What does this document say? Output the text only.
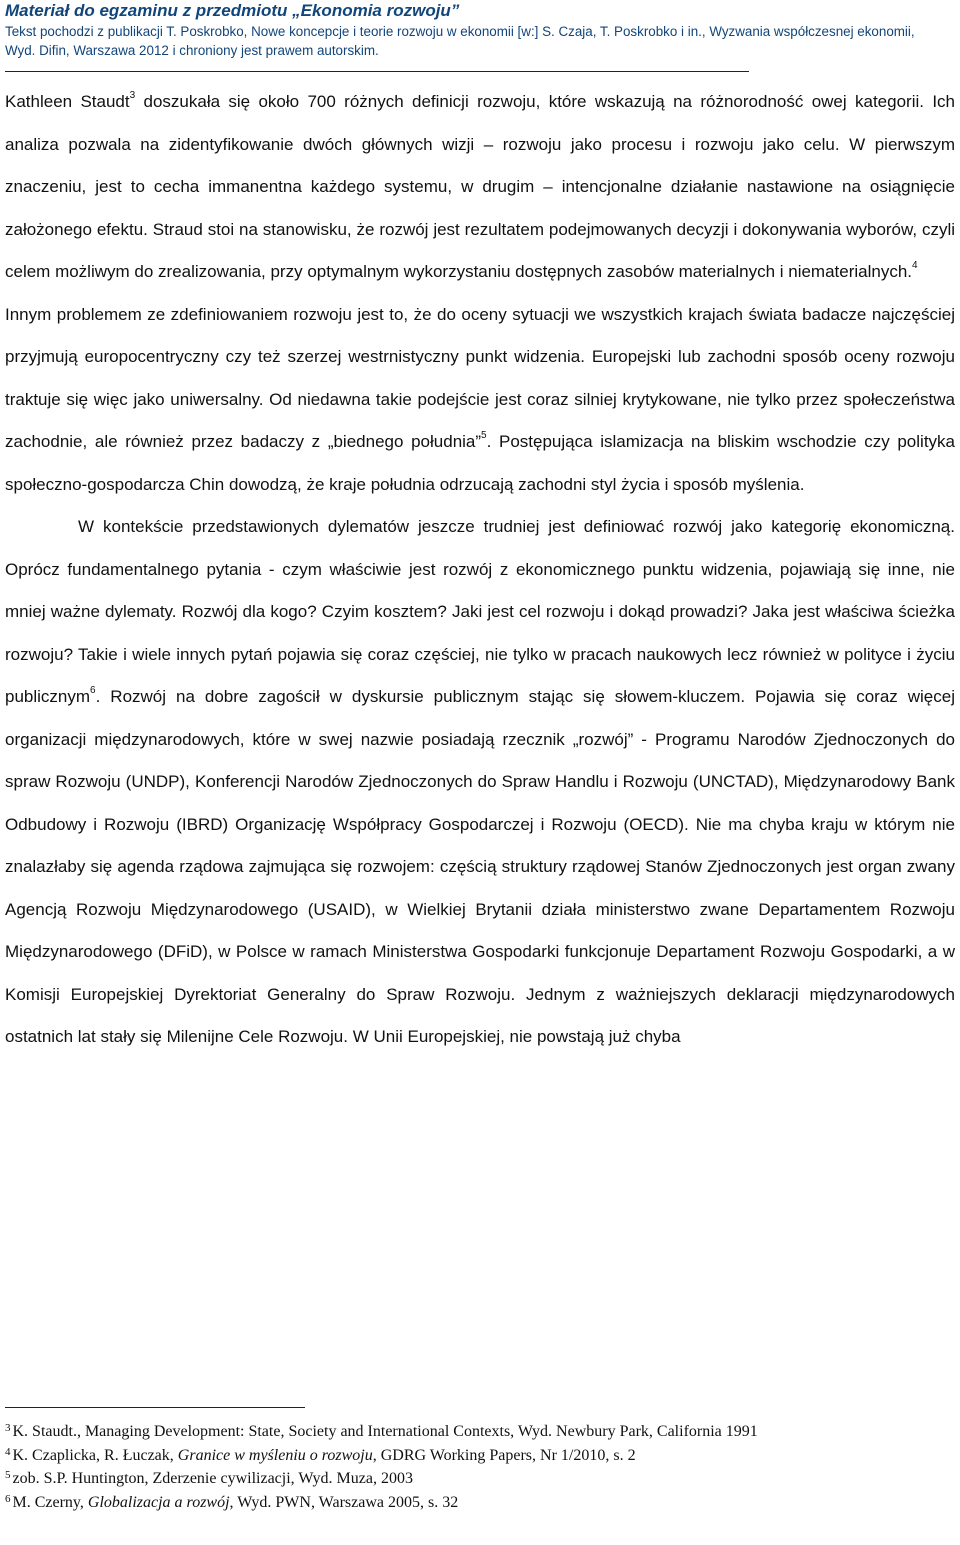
Materiał do egzaminu z przedmiotu „Ekonomia rozwoju”
Tekst pochodzi z publikacji T. Poskrobko, Nowe koncepcje i teorie rozwoju w ekonomii [w:] S. Czaja, T. Poskrobko i in., Wyzwania współczesnej ekonomii,
Wyd. Difin, Warszawa 2012 i chroniony jest prawem autorskim.

Kathleen Staudt$^3$ doszukała się około 700 różnych definicji rozwoju, które wskazują na różnorodność owej kategorii. Ich analiza pozwala na zidentyfikowanie dwóch głównych wizji – rozwoju jako procesu i rozwoju jako celu. W pierwszym znaczeniu, jest to cecha immanentna każdego systemu, w drugim – intencjonalne działanie nastawione na osiągnięcie założonego efektu. Straud stoi na stanowisku, że rozwój jest rezultatem podejmowanych decyzji i dokonywania wyborów, czyli celem możliwym do zrealizowania, przy optymalnym wykorzystaniu dostępnych zasobów materialnych i niematerialnych.$^4$

Innym problemem ze zdefiniowaniem rozwoju jest to, że do oceny sytuacji we wszystkich krajach świata badacze najczęściej przyjmują europocentryczny czy też szerzej westrnistyczny punkt widzenia. Europejski lub zachodni sposób oceny rozwoju traktuje się więc jako uniwersalny. Od niedawna takie podejście jest coraz silniej krytykowane, nie tylko przez społeczeństwa zachodnie, ale również przez badaczy z „biednego południa”$^5$. Postępująca islamizacja na bliskim wschodzie czy polityka społeczno-gospodarcza Chin dowodzą, że kraje południa odrzucają zachodni styl życia i sposób myślenia.

W kontekście przedstawionych dylematów jeszcze trudniej jest definiować rozwój jako kategorię ekonomiczną. Oprócz fundamentalnego pytania - czym właściwie jest rozwój z ekonomicznego punktu widzenia, pojawiają się inne, nie mniej ważne dylematy. Rozwój dla kogo? Czyim kosztem? Jaki jest cel rozwoju i dokąd prowadzi? Jaka jest właściwa ścieżka rozwoju? Takie i wiele innych pytań pojawia się coraz częściej, nie tylko w pracach naukowych lecz również w polityce i życiu publicznym$^6$. Rozwój na dobre zagościł w dyskursie publicznym stając się słowem-kluczem. Pojawia się coraz więcej organizacji międzynarodowych, które w swej nazwie posiadają rzecznik „rozwój” - Programu Narodów Zjednoczonych do spraw Rozwoju (UNDP), Konferencji Narodów Zjednoczonych do Spraw Handlu i Rozwoju (UNCTAD), Międzynarodowy Bank Odbudowy i Rozwoju (IBRD) Organizację Współpracy Gospodarczej i Rozwoju (OECD). Nie ma chyba kraju w którym nie znalazłaby się agenda rządowa zajmująca się rozwojem: częścią struktury rządowej Stanów Zjednoczonych jest organ zwany Agencją Rozwoju Międzynarodowego (USAID), w Wielkiej Brytanii działa ministerstwo zwane Departamentem Rozwoju Międzynarodowego (DFiD), w Polsce w ramach Ministerstwa Gospodarki funkcjonuje Departament Rozwoju Gospodarki, a w Komisji Europejskiej Dyrektoriat Generalny do Spraw Rozwoju. Jednym z ważniejszych deklaracji międzynarodowych ostatnich lat stały się Milenijne Cele Rozwoju. W Unii Europejskiej, nie powstają już chyba

$^3$ K. Staudt., Managing Development: State, Society and International Contexts, Wyd. Newbury Park, California 1991

$^4$ K. Czaplicka, R. Łuczak, Granice w myśleniu o rozwoju, GDRG Working Papers, Nr 1/2010, s. 2

$^5$ zob. S.P. Huntington, Zderzenie cywilizacji, Wyd. Muza, 2003

$^6$ M. Czerny, Globalizacja a rozwój, Wyd. PWN, Warszawa 2005, s. 32
